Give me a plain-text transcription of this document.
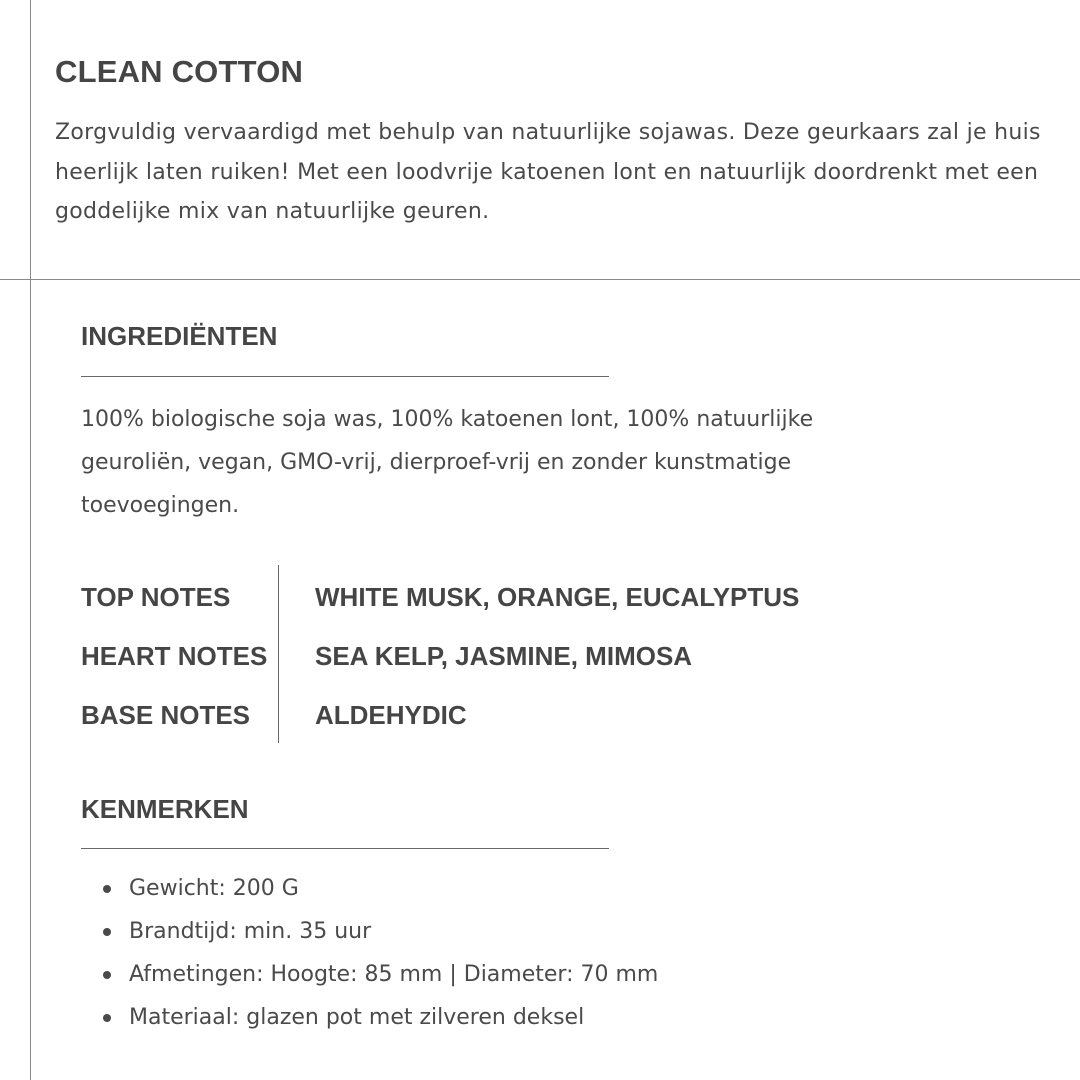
CLEAN COTTON

Zorgvuldig vervaardigd met behulp van natuurlijke sojawas. Deze geurkaars zal je huis heerlijk laten ruiken! Met een loodvrije katoenen lont en natuurlijk doordrenkt met een goddelijke mix van natuurlijke geuren.

INGREDIËNTEN

100% biologische soja was, 100% katoenen lont, 100% natuurlijke
geuroliën, vegan, GMO-vrij, dierproef-vrij en zonder kunstmatige
toevoegingen.

TOP NOTES	WHITE MUSK, ORANGE, EUCALYPTUS

HEART NOTES SEA KELP, JASMINE, MIMOSA

BASE NOTES ALDEHYDIC

KENMERKEN
Gewicht: 200 G
Brandtijd: min. 35 uur
Afmetingen: Hoogte: 85 mm | Diameter: 70 mm
Materiaal: glazen pot met zilveren deksel
